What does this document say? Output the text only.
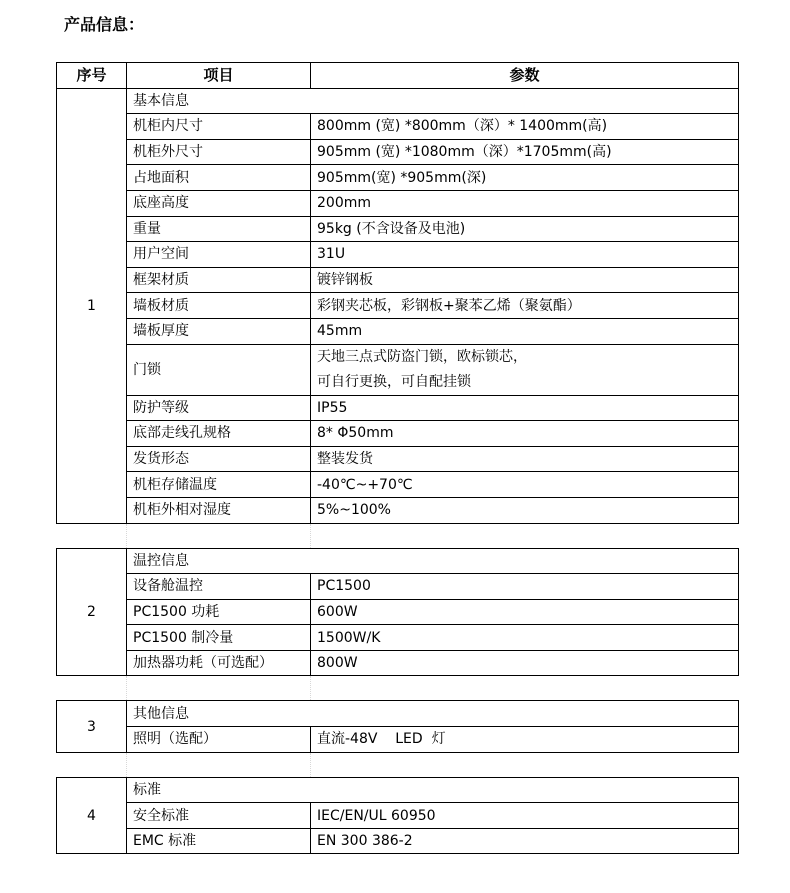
产品信息：
序号	项目	参数
1	基本信息	
	机柜内尺寸	800mm (宽) *800mm（深）* 1400mm(高)
	机柜外尺寸	905mm (宽) *1080mm（深）*1705mm(高)
	占地面积	905mm(宽) *905mm(深)
	底座高度	200mm
	重量	95kg (不含设备及电池)
	用户空间	31U
	框架材质	镀锌钢板
	墙板材质	彩钢夹芯板，彩钢板+聚苯乙烯（聚氨酯）
	墙板厚度	45mm
	门锁	天地三点式防盗门锁，欧标锁芯，
可自行更换，可自配挂锁

	防护等级	IP55
	底部走线孔规格	8* Φ50mm
	发货形态	整装发货
	机柜存储温度	-40℃~+70℃
	机柜外相对湿度	5%~100%

2	温控信息	
	设备舱温控	PC1500
	PC1500 功耗	600W
	PC1500 制冷量	1500W/K
	加热器功耗（可选配）	800W

3	其他信息	
	照明（选配）	直流-48V    LED  灯

4	标准	
	安全标准	IEC/EN/UL 60950
	EMC 标准	EN 300 386-2
